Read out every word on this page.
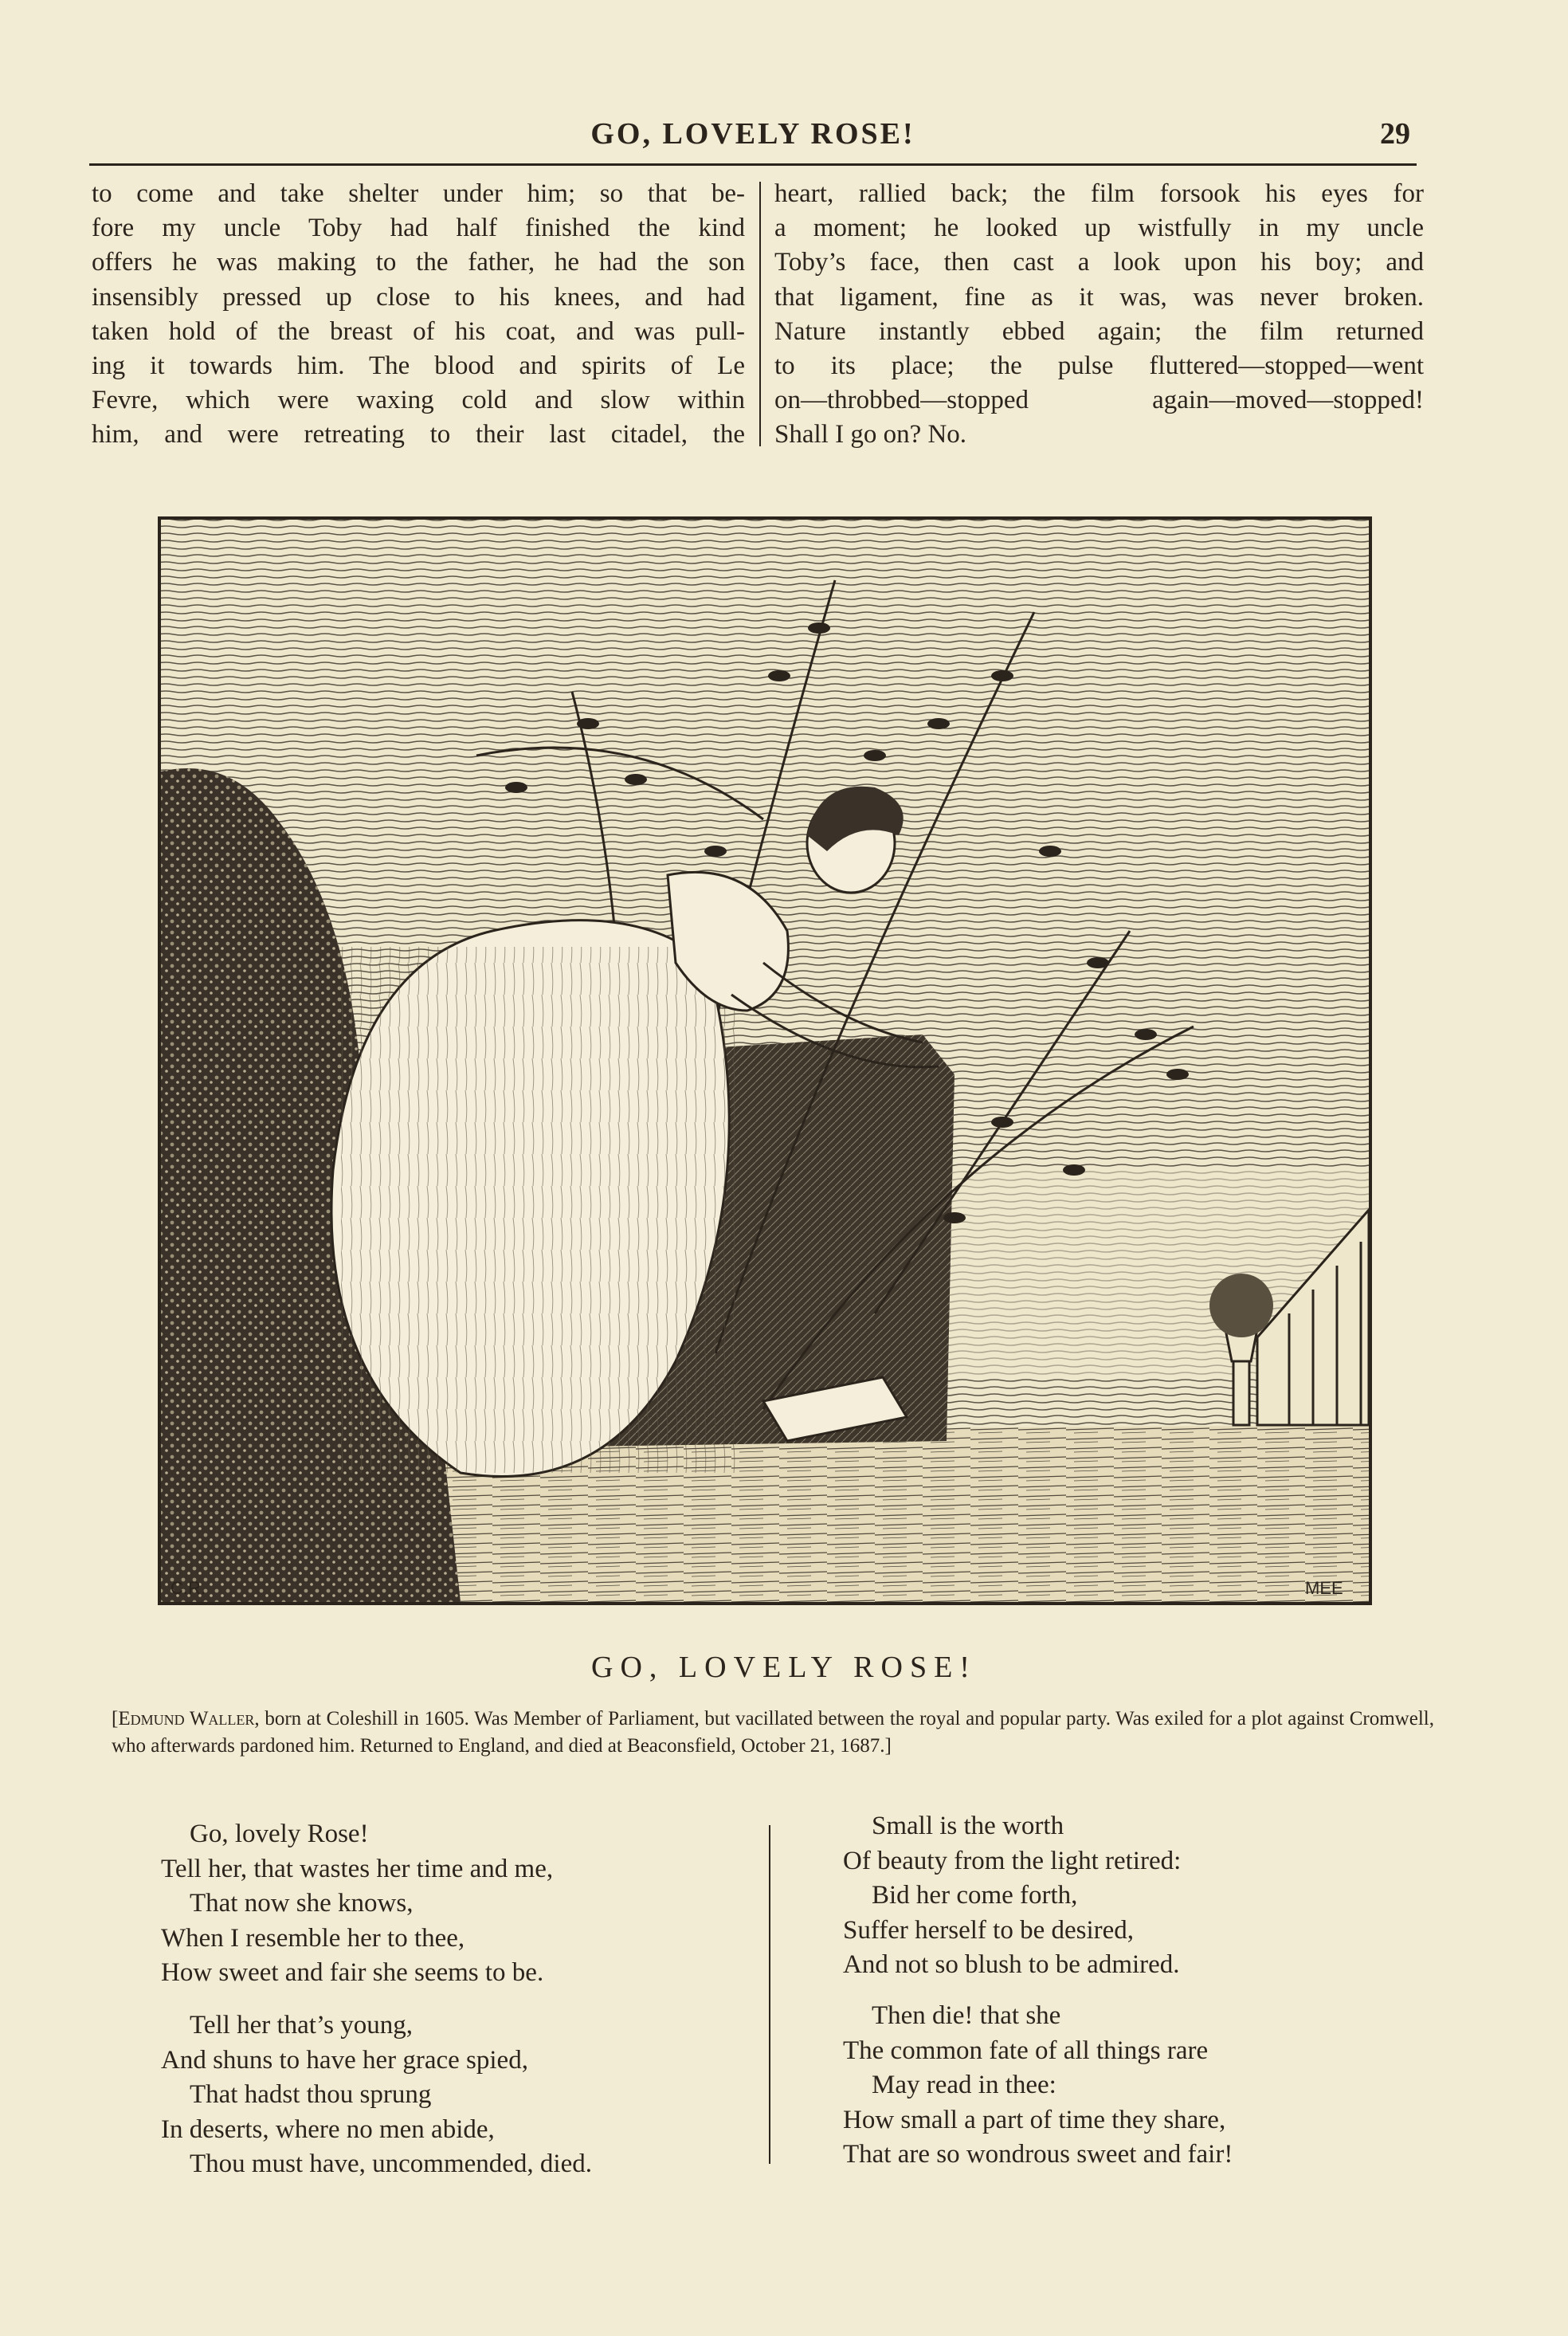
GO, LOVELY ROSE!	29

to come and take shelter under him; so that be-

fore my uncle Toby had half finished the kind

offers he was making to the father, he had the son

insensibly pressed up close to his knees, and had

taken hold of the breast of his coat, and was pull-

ing it towards him. The blood and spirits of Le

Fevre, which were waxing cold and slow within

him, and were retreating to their last citadel, the

heart, rallied back; the film forsook his eyes for

a moment; he looked up wistfully in my uncle

Toby’s face, then cast a look upon his boy; and

that ligament, fine as it was, was never broken.

Nature instantly ebbed again; the film returned

to its place; the pulse fluttered—stopped—went

on—throbbed—stopped again—moved—stopped!

Shall I go on? No.

C.R.	MEE
GO, LOVELY ROSE!
[Edmund Waller, born at Coleshill in 1605. Was Member of Parliament, but vacillated between the royal and popular party. Was exiled for a plot against Cromwell, who afterwards pardoned him. Returned to England, and died at Beaconsfield, October 21, 1687.]
Go, lovely Rose!
Tell her, that wastes her time and me,
That now she knows,
When I resemble her to thee,
How sweet and fair she seems to be.
Tell her that’s young,
And shuns to have her grace spied,
That hadst thou sprung
In deserts, where no men abide,
Thou must have, uncommended, died.
Small is the worth
Of beauty from the light retired:
Bid her come forth,
Suffer herself to be desired,
And not so blush to be admired.
Then die! that she
The common fate of all things rare
May read in thee:
How small a part of time they share,
That are so wondrous sweet and fair!
